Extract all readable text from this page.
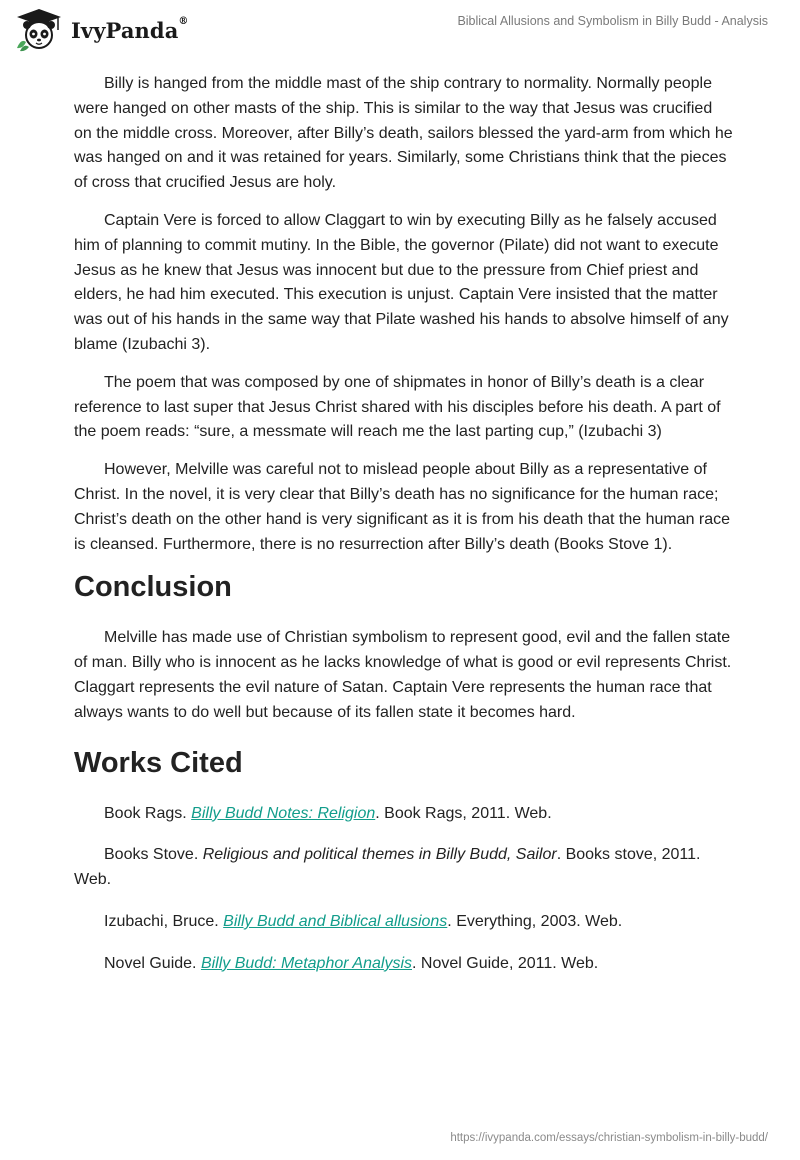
IvyPanda®	Biblical Allusions and Symbolism in Billy Budd - Analysis

Billy is hanged from the middle mast of the ship contrary to normality. Normally people were hanged on other masts of the ship. This is similar to the way that Jesus was crucified on the middle cross. Moreover, after Billy’s death, sailors blessed the yard-arm from which he was hanged on and it was retained for years. Similarly, some Christians think that the pieces of cross that crucified Jesus are holy.

Captain Vere is forced to allow Claggart to win by executing Billy as he falsely accused him of planning to commit mutiny. In the Bible, the governor (Pilate) did not want to execute Jesus as he knew that Jesus was innocent but due to the pressure from Chief priest and elders, he had him executed. This execution is unjust. Captain Vere insisted that the matter was out of his hands in the same way that Pilate washed his hands to absolve himself of any blame (Izubachi 3).

The poem that was composed by one of shipmates in honor of Billy’s death is a clear reference to last super that Jesus Christ shared with his disciples before his death. A part of the poem reads: “sure, a messmate will reach me the last parting cup,” (Izubachi 3)

However, Melville was careful not to mislead people about Billy as a representative of Christ. In the novel, it is very clear that Billy’s death has no significance for the human race; Christ’s death on the other hand is very significant as it is from his death that the human race is cleansed. Furthermore, there is no resurrection after Billy’s death (Books Stove 1).

Conclusion

Melville has made use of Christian symbolism to represent good, evil and the fallen state of man. Billy who is innocent as he lacks knowledge of what is good or evil represents Christ. Claggart represents the evil nature of Satan. Captain Vere represents the human race that always wants to do well but because of its fallen state it becomes hard.

Works Cited

Book Rags. Billy Budd Notes: Religion. Book Rags, 2011. Web.

Books Stove. Religious and political themes in Billy Budd, Sailor. Books stove, 2011. Web.

Izubachi, Bruce. Billy Budd and Biblical allusions. Everything, 2003. Web.

Novel Guide. Billy Budd: Metaphor Analysis. Novel Guide, 2011. Web.

https://ivypanda.com/essays/christian-symbolism-in-billy-budd/
